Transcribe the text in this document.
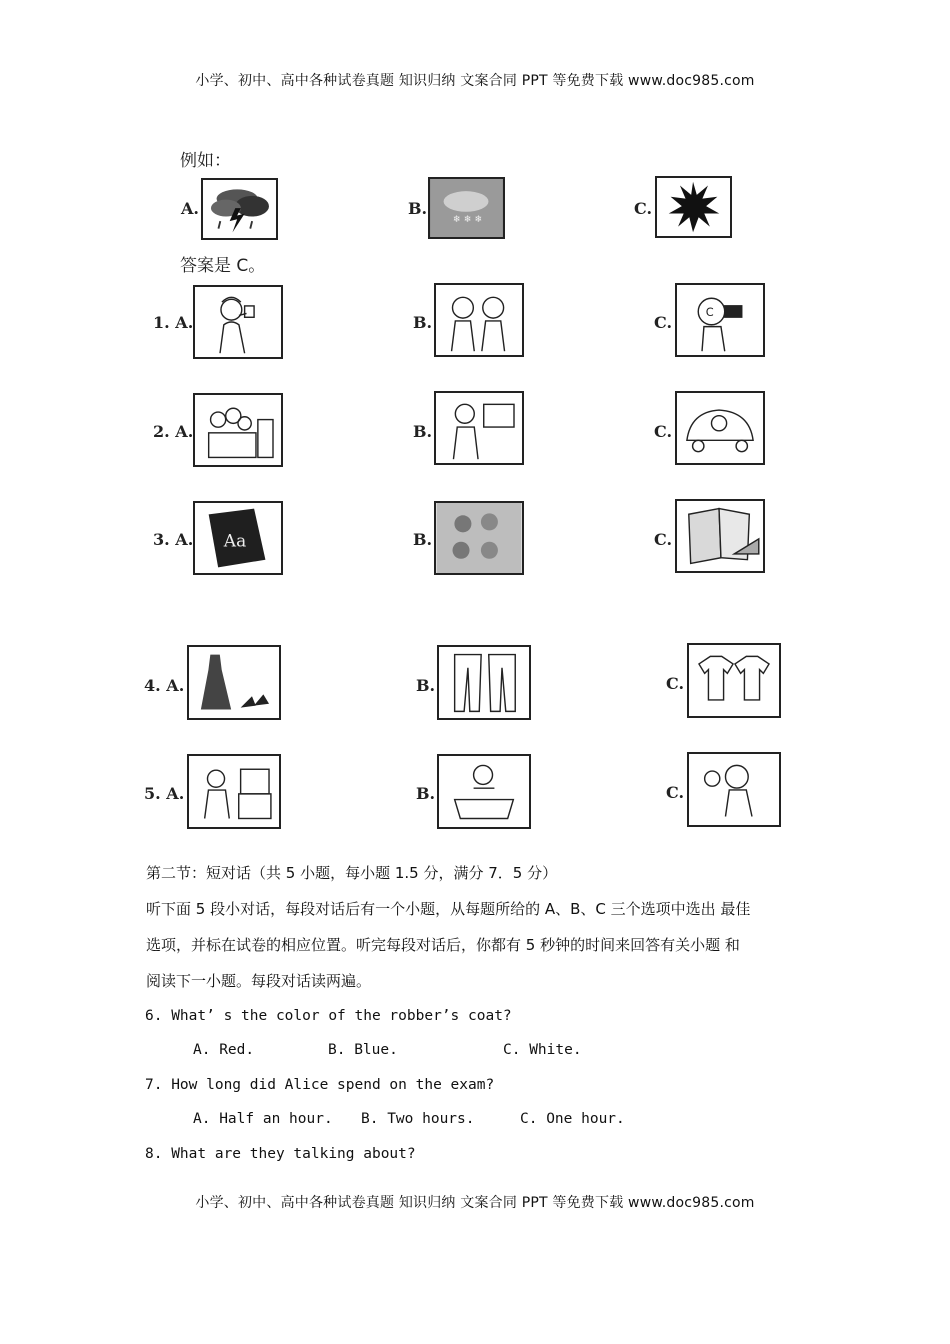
小学、初中、高中各种试卷真题 知识归纳 文案合同 PPT 等免费下载 www.doc985.com
例如：
A.	B.
❄ ❄ ❄
C.
答案是 C。
1. A.	B.	C.
C
2. A.	B.	C.
3. A. Aa	B.	C.
4. A.	B.	C.
5. A.	B.	C.
第二节：短对话（共 5 小题，每小题 1.5 分，满分 7．5 分）
听下面 5 段小对话，每段对话后有一个小题，从每题所给的 A、B、C 三个选项中选出 最佳
选项，并标在试卷的相应位置。听完每段对话后，你都有 5 秒钟的时间来回答有关小题 和
阅读下一小题。每段对话读两遍。
6. What’ s the color of the robber’s coat?
A. Red.	B. Blue.	C. White.
7. How long did Alice spend on the exam?
A. Half an hour. B. Two hours.	C. One hour.
8. What are they talking about?
小学、初中、高中各种试卷真题 知识归纳 文案合同 PPT 等免费下载 www.doc985.com
